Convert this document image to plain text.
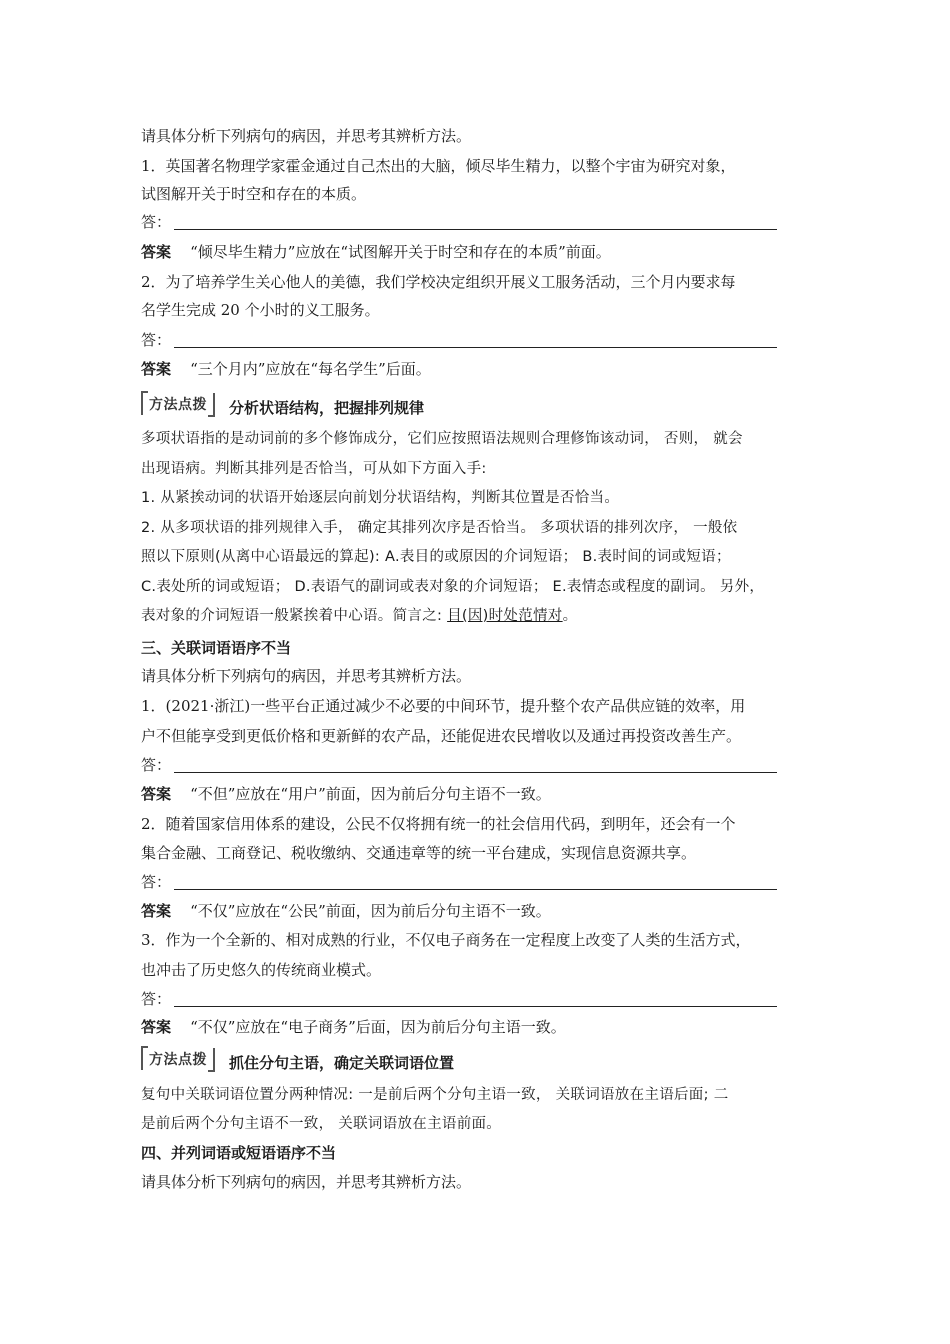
请具体分析下列病句的病因，并思考其辨析方法。
1．英国著名物理学家霍金通过自己杰出的大脑，倾尽毕生精力，以整个宇宙为研究对象，
试图解开关于时空和存在的本质。
答：
答案 “倾尽毕生精力”应放在“试图解开关于时空和存在的本质”前面。
2．为了培养学生关心他人的美德，我们学校决定组织开展义工服务活动，三个月内要求每
名学生完成 20 个小时的义工服务。
答：
答案 “三个月内”应放在“每名学生”后面。
方法点拨	分析状语结构，把握排列规律
多项状语指的是动词前的多个修饰成分，它们应按照语法规则合理修饰该动词， 否则， 就会
出现语病。判断其排列是否恰当，可从如下方面入手:
1. 从紧挨动词的状语开始逐层向前划分状语结构，判断其位置是否恰当。
2. 从多项状语的排列规律入手， 确定其排列次序是否恰当。 多项状语的排列次序， 一般依
照以下原则(从离中心语最远的算起): A.表目的或原因的介词短语； B.表时间的词或短语；
C.表处所的词或短语； D.表语气的副词或表对象的介词短语； E.表情态或程度的副词。 另外，
表对象的介词短语一般紧挨着中心语。简言之: 目(因)时处范情对。
三、关联词语语序不当
请具体分析下列病句的病因，并思考其辨析方法。
1．(2021·浙江)一些平台正通过减少不必要的中间环节，提升整个农产品供应链的效率，用
户不但能享受到更低价格和更新鲜的农产品，还能促进农民增收以及通过再投资改善生产。
答：
答案 “不但”应放在“用户”前面，因为前后分句主语不一致。
2．随着国家信用体系的建设，公民不仅将拥有统一的社会信用代码，到明年，还会有一个
集合金融、工商登记、税收缴纳、交通违章等的统一平台建成，实现信息资源共享。
答：
答案 “不仅”应放在“公民”前面，因为前后分句主语不一致。
3．作为一个全新的、相对成熟的行业，不仅电子商务在一定程度上改变了人类的生活方式，
也冲击了历史悠久的传统商业模式。
答：
答案 “不仅”应放在“电子商务”后面，因为前后分句主语一致。
方法点拨	抓住分句主语，确定关联词语位置
复句中关联词语位置分两种情况: 一是前后两个分句主语一致， 关联词语放在主语后面; 二
是前后两个分句主语不一致， 关联词语放在主语前面。
四、并列词语或短语语序不当
请具体分析下列病句的病因，并思考其辨析方法。
